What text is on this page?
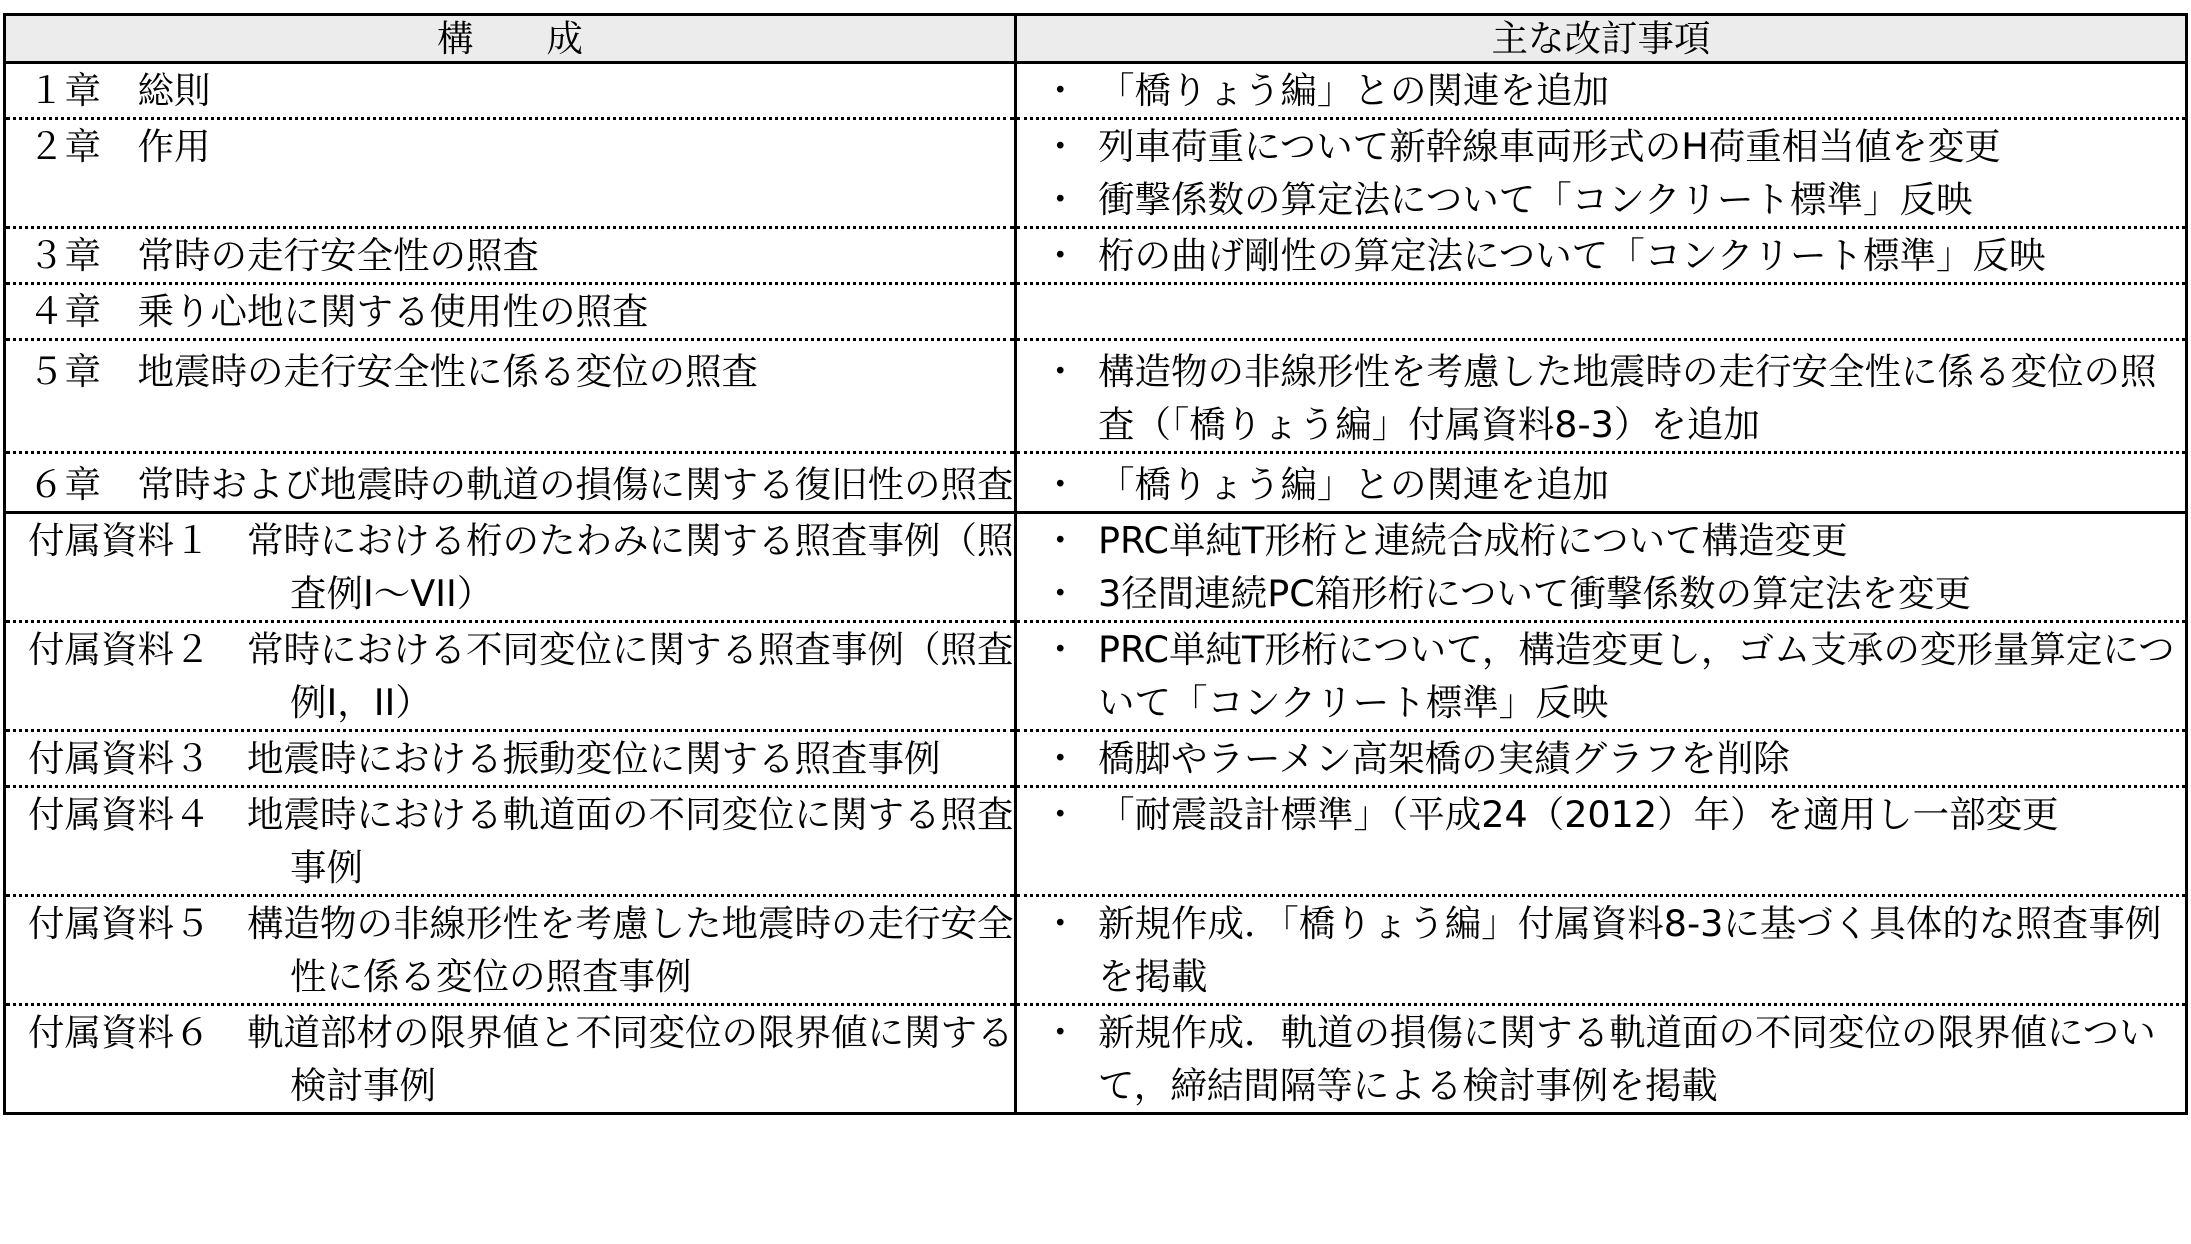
構　　成	主な改訂事項

１章　総則	・ 「橋りょう編」との関連を追加

２章　作用	・ 列車荷重について新幹線車両形式のH荷重相当値を変更
・ 衝撃係数の算定法について「コンクリート標準」反映

３章　常時の走行安全性の照査	・ 桁の曲げ剛性の算定法について「コンクリート標準」反映

４章　乗り心地に関する使用性の照査	

５章　地震時の走行安全性に係る変位の照査	・ 構造物の非線形性を考慮した地震時の走行安全性に係る変位の照査（「橋りょう編」付属資料8-3）を追加

６章　常時および地震時の軌道の損傷に関する復旧性の照査	・ 「橋りょう編」との関連を追加

付属資料１　常時における桁のたわみに関する照査事例（照査例I～VII）	・ PRC単純T形桁と連続合成桁について構造変更
・ 3径間連続PC箱形桁について衝撃係数の算定法を変更

付属資料２　常時における不同変位に関する照査事例（照査例I，II）	・ PRC単純T形桁について，構造変更し，ゴム支承の変形量算定について「コンクリート標準」反映

付属資料３　地震時における振動変位に関する照査事例	・ 橋脚やラーメン高架橋の実績グラフを削除

付属資料４　地震時における軌道面の不同変位に関する照査事例	・ 「耐震設計標準」（平成24（2012）年）を適用し一部変更

付属資料５　構造物の非線形性を考慮した地震時の走行安全性に係る変位の照査事例	・ 新規作成．「橋りょう編」付属資料8-3に基づく具体的な照査事例を掲載

付属資料６　軌道部材の限界値と不同変位の限界値に関する検討事例	・ 新規作成．軌道の損傷に関する軌道面の不同変位の限界値について，締結間隔等による検討事例を掲載
